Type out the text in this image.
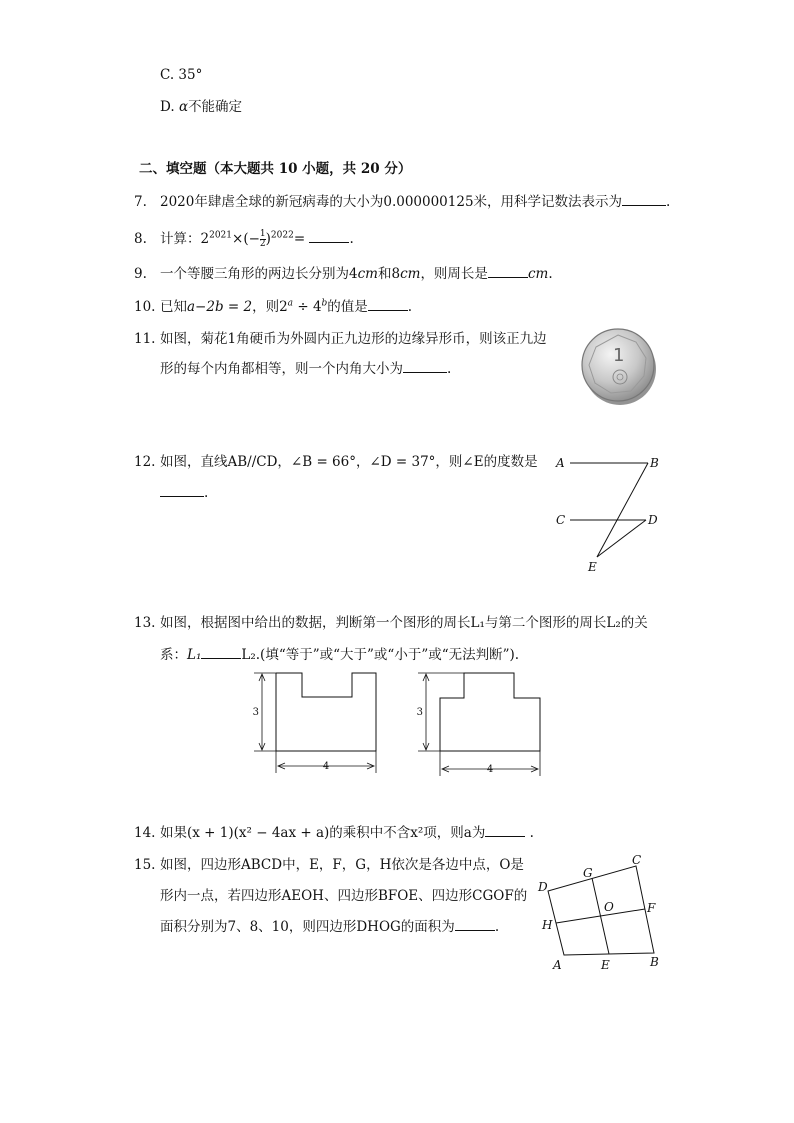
C. 35°
D. α不能确定
二、填空题（本大题共 10 小题，共 20 分）
7. 2020年肆虐全球的新冠病毒的大小为0.000000125米，用科学记数法表示为	.
8. 计算：$2^{2021}\times(- \frac{1}{2} )^{2022}=$	.
9. 一个等腰三角形的两边长分别为4cm和8cm，则周长是	cm.
10. 已知a−2b = 2，则$2^a \div 4^b$的值是	.
11. 如图，菊花1角硬币为外圆内正九边形的边缘异形币，则该正九边
形的每个内角都相等，则一个内角大小为	.
1
12. 如图，直线AB//CD，∠B = 66°，∠D = 37°，则∠E的度数是
.
A	B
C	D
E
13. 如图，根据图中给出的数据，判断第一个图形的周长L₁与第二个图形的周长L₂的关
系：L₁	L₂.(填“等于”或“大于”或“小于”或“无法判断”).
3
4
3
4
14. 如果(x + 1)(x² − 4ax + a)的乘积中不含x²项，则a为	.
15. 如图，四边形ABCD中，E，F，G，H依次是各边中点，O是
形内一点，若四边形AEOH、四边形BFOE、四边形CGOF的
面积分别为7、8、10，则四边形DHOG的面积为	.
A	B
C
D
E
F
G
H
O
